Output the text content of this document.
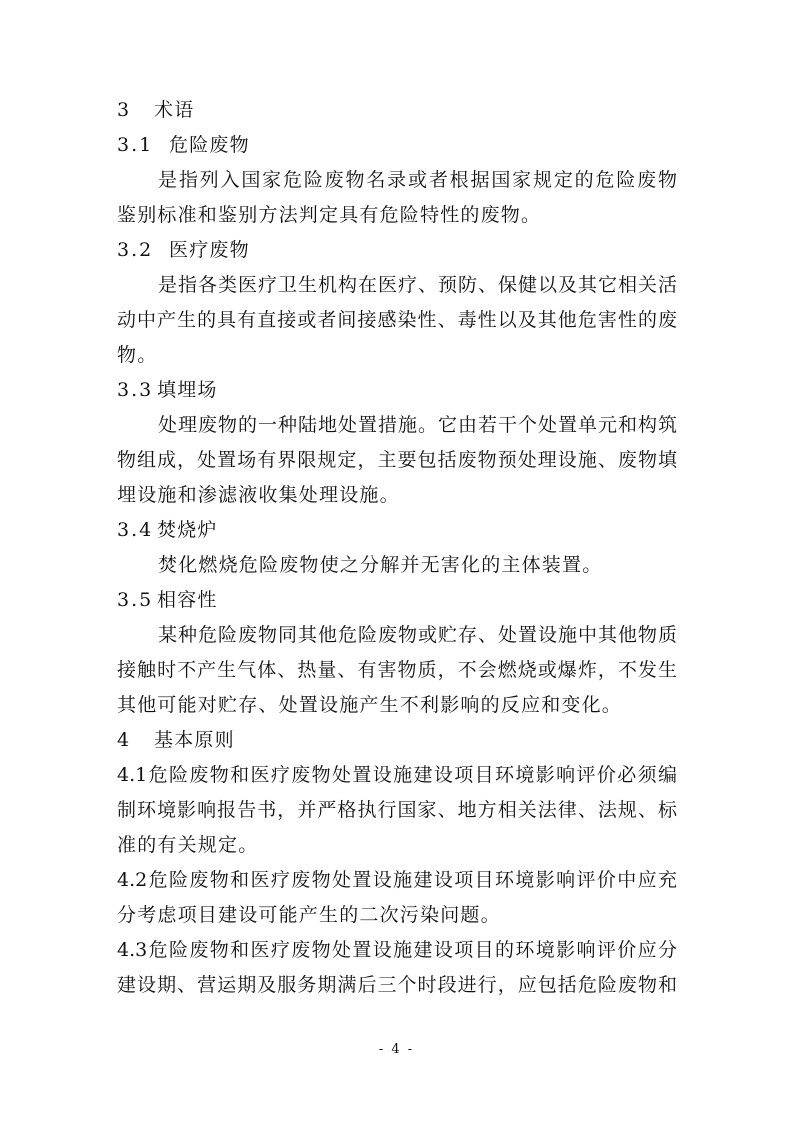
3 术语
3.1 危险废物
是指列入国家危险废物名录或者根据国家规定的危险废物
鉴别标准和鉴别方法判定具有危险特性的废物。
3.2 医疗废物
是指各类医疗卫生机构在医疗、预防、保健以及其它相关活
动中产生的具有直接或者间接感染性、毒性以及其他危害性的废
物。
3.3 填埋场
处理废物的一种陆地处置措施。它由若干个处置单元和构筑
物组成，处置场有界限规定，主要包括废物预处理设施、废物填
埋设施和渗滤液收集处理设施。
3.4 焚烧炉
焚化燃烧危险废物使之分解并无害化的主体装置。
3.5 相容性
某种危险废物同其他危险废物或贮存、处置设施中其他物质
接触时不产生气体、热量、有害物质，不会燃烧或爆炸，不发生
其他可能对贮存、处置设施产生不利影响的反应和变化。
4 基本原则
4.1危险废物和医疗废物处置设施建设项目环境影响评价必须编
制环境影响报告书，并严格执行国家、地方相关法律、法规、标
准的有关规定。
4.2危险废物和医疗废物处置设施建设项目环境影响评价中应充
分考虑项目建设可能产生的二次污染问题。
4.3危险废物和医疗废物处置设施建设项目的环境影响评价应分
建设期、营运期及服务期满后三个时段进行，应包括危险废物和
- 4 -
